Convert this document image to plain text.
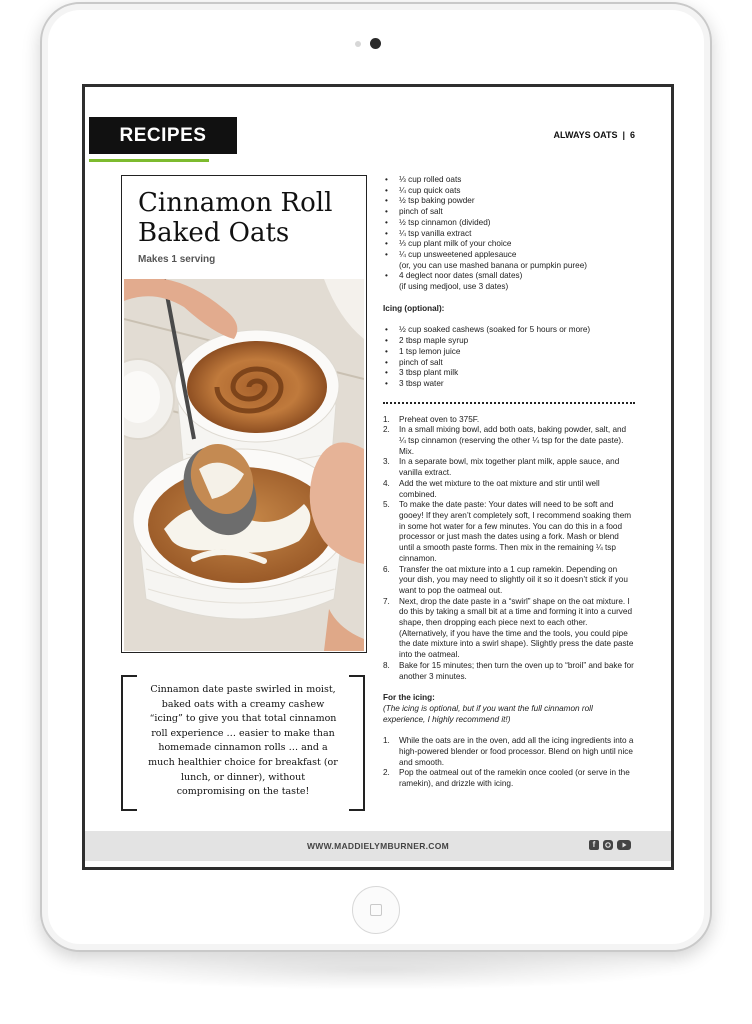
RECIPES	ALWAYS OATS  |  6
Cinnamon Roll
Baked Oats
Makes 1 serving
Cinnamon date paste swirled in moist, baked oats with a creamy cashew “icing” to give you that total cinnamon roll experience … easier to make than homemade cinnamon rolls … and a much healthier choice for breakfast (or lunch, or dinner), without compromising on the taste!
• ⅓ cup rolled oats
• ¼ cup quick oats
• ½ tsp baking powder
• pinch of salt
• ½ tsp cinnamon (divided)
• ¼ tsp vanilla extract
• ⅓ cup plant milk of your choice
• ¼ cup unsweetened applesauce
(or, you can use mashed banana or pumpkin puree)
• 4 deglect noor dates (small dates)
(if using medjool, use 3 dates)
Icing (optional):
• ½ cup soaked cashews (soaked for 5 hours or more)
• 2 tbsp maple syrup
• 1 tsp lemon juice
• pinch of salt
• 3 tbsp plant milk
• 3 tbsp water
1. Preheat oven to 375F.
2. In a small mixing bowl, add both oats, baking powder, salt, and ¼ tsp cinnamon (reserving the other ¼ tsp for the date paste). Mix.
3. In a separate bowl, mix together plant milk, apple sauce, and vanilla extract.
4. Add the wet mixture to the oat mixture and stir until well combined.
5. To make the date paste: Your dates will need to be soft and gooey! If they aren’t completely soft, I recommend soaking them in some hot water for a few minutes. You can do this in a food processor or just mash the dates using a fork. Mash or blend until a smooth paste forms. Then mix in the remaining ¼ tsp cinnamon.
6. Transfer the oat mixture into a 1 cup ramekin. Depending on your dish, you may need to slightly oil it so it doesn’t stick if you want to pop the oatmeal out.
7. Next, drop the date paste in a “swirl” shape on the oat mixture. I do this by taking a small bit at a time and forming it into a curved shape, then dropping each piece next to each other. (Alternatively, if you have the time and the tools, you could pipe the date mixture into a swirl shape). Slightly press the date paste into the oatmeal.
8. Bake for 15 minutes; then turn the oven up to “broil” and bake for another 3 minutes.
For the icing:
(The icing is optional, but if you want the full cinnamon roll experience, I highly recommend it!)
1. While the oats are in the oven, add all the icing ingredients into a high-powered blender or food processor. Blend on high until nice and smooth.
2. Pop the oatmeal out of the ramekin once cooled (or serve in the ramekin), and drizzle with icing.
WWW.MADDIELYMBURNER.COM	f
